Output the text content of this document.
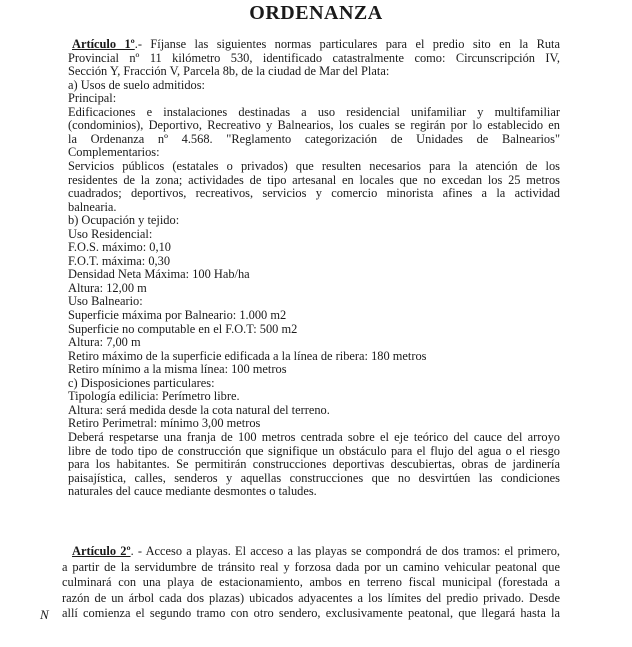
ORDENANZA
Artículo 1º.- Fíjanse las siguientes normas particulares para el predio sito en la Ruta
Provincial nº 11 kilómetro 530, identificado catastralmente como: Circunscripción IV,
Sección Y, Fracción V, Parcela 8b, de la ciudad de Mar del Plata:
a) Usos de suelo admitidos:
Principal:
Edificaciones e instalaciones destinadas a uso residencial unifamiliar y multifamiliar
(condominios), Deportivo, Recreativo y Balnearios, los cuales se regirán por lo establecido en
la Ordenanza nº 4.568. "Reglamento categorización de Unidades de Balnearios"
Complementarios:
Servicios públicos (estatales o privados) que resulten necesarios para la atención de los
residentes de la zona; actividades de tipo artesanal en locales que no excedan los 25 metros
cuadrados; deportivos, recreativos, servicios y comercio minorista afines a la actividad
balnearia.
b) Ocupación y tejido:
Uso Residencial:
F.O.S. máximo: 0,10
F.O.T. máxima: 0,30
Densidad Neta Máxima: 100 Hab/ha
Altura: 12,00 m
Uso Balneario:
Superficie máxima por Balneario: 1.000 m2
Superficie no computable en el F.O.T: 500 m2
Altura: 7,00 m
Retiro máximo de la superficie edificada a la línea de ribera: 180 metros
Retiro mínimo a la misma línea: 100 metros
c) Disposiciones particulares:
Tipología edilicia: Perímetro libre.
Altura: será medida desde la cota natural del terreno.
Retiro Perimetral: mínimo 3,00 metros
Deberá respetarse una franja de 100 metros centrada sobre el eje teórico del cauce del arroyo
libre de todo tipo de construcción que signifique un obstáculo para el flujo del agua o el riesgo
para los habitantes. Se permitirán construcciones deportivas descubiertas, obras de jardinería
paisajística, calles, senderos y aquellas construcciones que no desvirtúen las condiciones
naturales del cauce mediante desmontes o taludes.
Artículo 2º. - Acceso a playas. El acceso a las playas se compondrá de dos tramos: el primero,
a partir de la servidumbre de tránsito real y forzosa dada por un camino vehicular peatonal que
culminará con una playa de estacionamiento, ambos en terreno fiscal municipal (forestada a
razón de un árbol cada dos plazas) ubicados adyacentes a los límites del predio privado. Desde
allí comienza el segundo tramo con otro sendero, exclusivamente peatonal, que llegará hasta la
N
